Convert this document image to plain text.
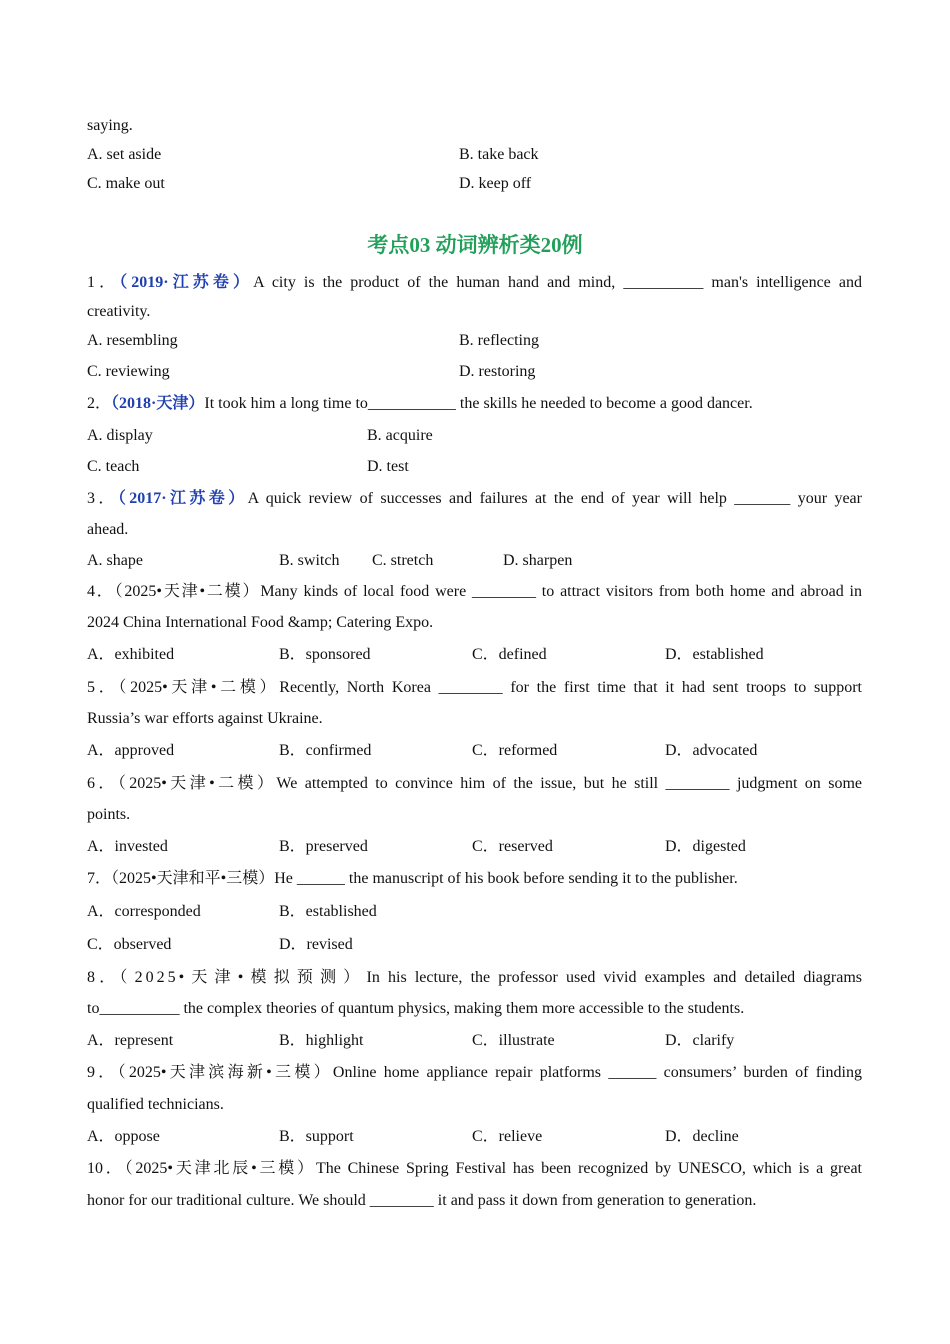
saying.
A. set aside	B. take back
C. make out	D. keep off
考点03 动词辨析类20例
1．（2019·江苏卷）A city is the product of the human hand and mind, __________ man's intelligence and
creativity.
A. resembling	B. reflecting
C. reviewing	D. restoring
2．（2018·天津）It took him a long time to___________ the skills he needed to become a good dancer.
A. display	B. acquire
C. teach	D. test
3．（2017·江苏卷）A quick review of successes and failures at the end of year will help _______ your year
ahead.
A. shape	B. switch C. stretch	D. sharpen
4．（2025•天津•二模）Many kinds of local food were ________ to attract visitors from both home and abroad in
2024 China International Food &amp; Catering Expo.
A．exhibited	B．sponsored	C．defined	D．established
5．（2025•天津•二模）Recently, North Korea ________ for the first time that it had sent troops to support
Russia’s war efforts against Ukraine.
A．approved	B．confirmed	C．reformed	D．advocated
6．（2025•天津•二模）We attempted to convince him of the issue, but he still ________ judgment on some
points.
A．invested	B．preserved	C．reserved	D．digested
7．（2025•天津和平•三模）He ______ the manuscript of his book before sending it to the publisher.
A．corresponded	B．established
C．observed	D．revised
8．（2025•天津•模拟预测）In his lecture, the professor used vivid examples and detailed diagrams
to__________ the complex theories of quantum physics, making them more accessible to the students.
A．represent	B．highlight	C．illustrate	D．clarify
9．（2025•天津滨海新•三模）Online home appliance repair platforms ______ consumers’ burden of finding
qualified technicians.
A．oppose	B．support	C．relieve	D．decline
10．（2025•天津北辰•三模）The Chinese Spring Festival has been recognized by UNESCO, which is a great
honor for our traditional culture. We should ________ it and pass it down from generation to generation.
